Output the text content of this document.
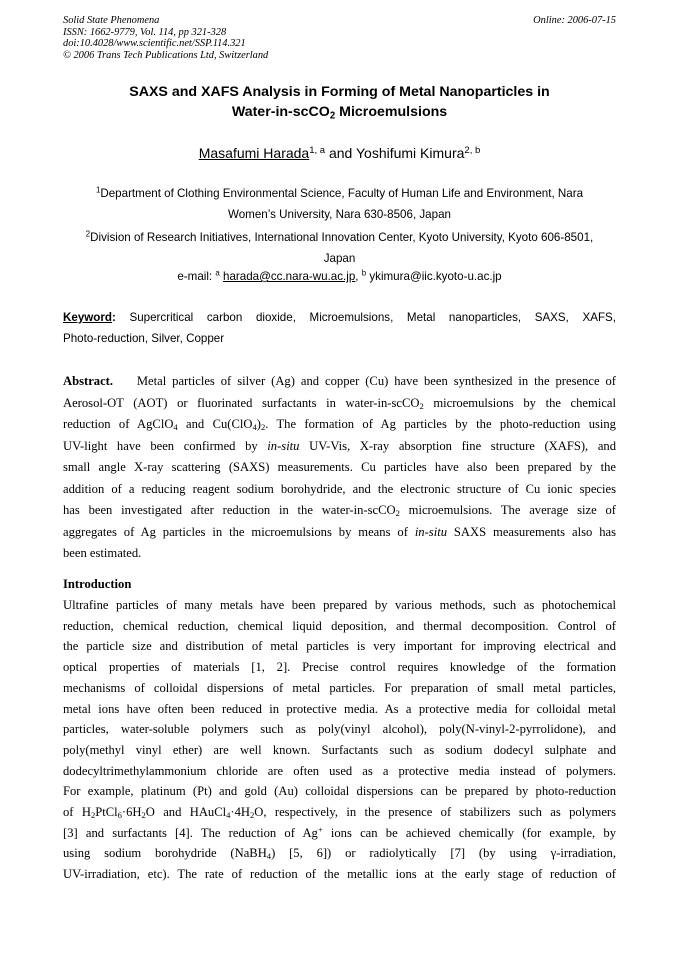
Solid State Phenomena
ISSN: 1662-9779, Vol. 114, pp 321-328
doi:10.4028/www.scientific.net/SSP.114.321
© 2006 Trans Tech Publications Ltd, Switzerland
Online: 2006-07-15
SAXS and XAFS Analysis in Forming of Metal Nanoparticles in
Water-in-scCO$_2$ Microemulsions
Masafumi Harada$^{1, a}$ and Yoshifumi Kimura$^{2, b}$
$^1$Department of Clothing Environmental Science, Faculty of Human Life and Environment, Nara
Women’s University, Nara 630-8506, Japan
$^2$Division of Research Initiatives, International Innovation Center, Kyoto University, Kyoto 606-8501,
Japan
e-mail: $^a$ harada@cc.nara-wu.ac.jp, $^b$ ykimura@iic.kyoto-u.ac.jp
Keyword: Supercritical carbon dioxide, Microemulsions, Metal nanoparticles, SAXS, XAFS,
Photo-reduction, Silver, Copper
Abstract. Metal particles of silver (Ag) and copper (Cu) have been synthesized in the presence of
Aerosol-OT (AOT) or fluorinated surfactants in water-in-scCO$_2$ microemulsions by the chemical
reduction of AgClO$_4$ and $Cu(ClO_4)_2$. The formation of Ag particles by the photo-reduction using
UV-light have been confirmed by in-situ UV-Vis, X-ray absorption fine structure (XAFS), and
small angle X-ray scattering (SAXS) measurements. Cu particles have also been prepared by the
addition of a reducing reagent sodium borohydride, and the electronic structure of Cu ionic species
has been investigated after reduction in the water-in-scCO$_2$ microemulsions. The average size of
aggregates of Ag particles in the microemulsions by means of in-situ SAXS measurements also has
been estimated.
Introduction
Ultrafine particles of many metals have been prepared by various methods, such as photochemical
reduction, chemical reduction, chemical liquid deposition, and thermal decomposition. Control of
the particle size and distribution of metal particles is very important for improving electrical and
optical properties of materials [1, 2]. Precise control requires knowledge of the formation
mechanisms of colloidal dispersions of metal particles. For preparation of small metal particles,
metal ions have often been reduced in protective media. As a protective media for colloidal metal
particles, water-soluble polymers such as poly(vinyl alcohol), poly(N-vinyl-2-pyrrolidone), and
poly(methyl vinyl ether) are well known. Surfactants such as sodium dodecyl sulphate and
dodecyltrimethylammonium chloride are often used as a protective media instead of polymers.
For example, platinum (Pt) and gold (Au) colloidal dispersions can be prepared by photo-reduction
of $H_2PtCl_6\cdot 6H_2O$ and $HAuCl_4\cdot 4H_2O$, respectively, in the presence of stabilizers such as polymers
[3] and surfactants [4]. The reduction of Ag+ ions can be achieved chemically (for example, by
using sodium borohydride (NaBH$_4$) [5, 6]) or radiolytically [7] (by using γ-irradiation,
UV-irradiation, etc). The rate of reduction of the metallic ions at the early stage of reduction of
